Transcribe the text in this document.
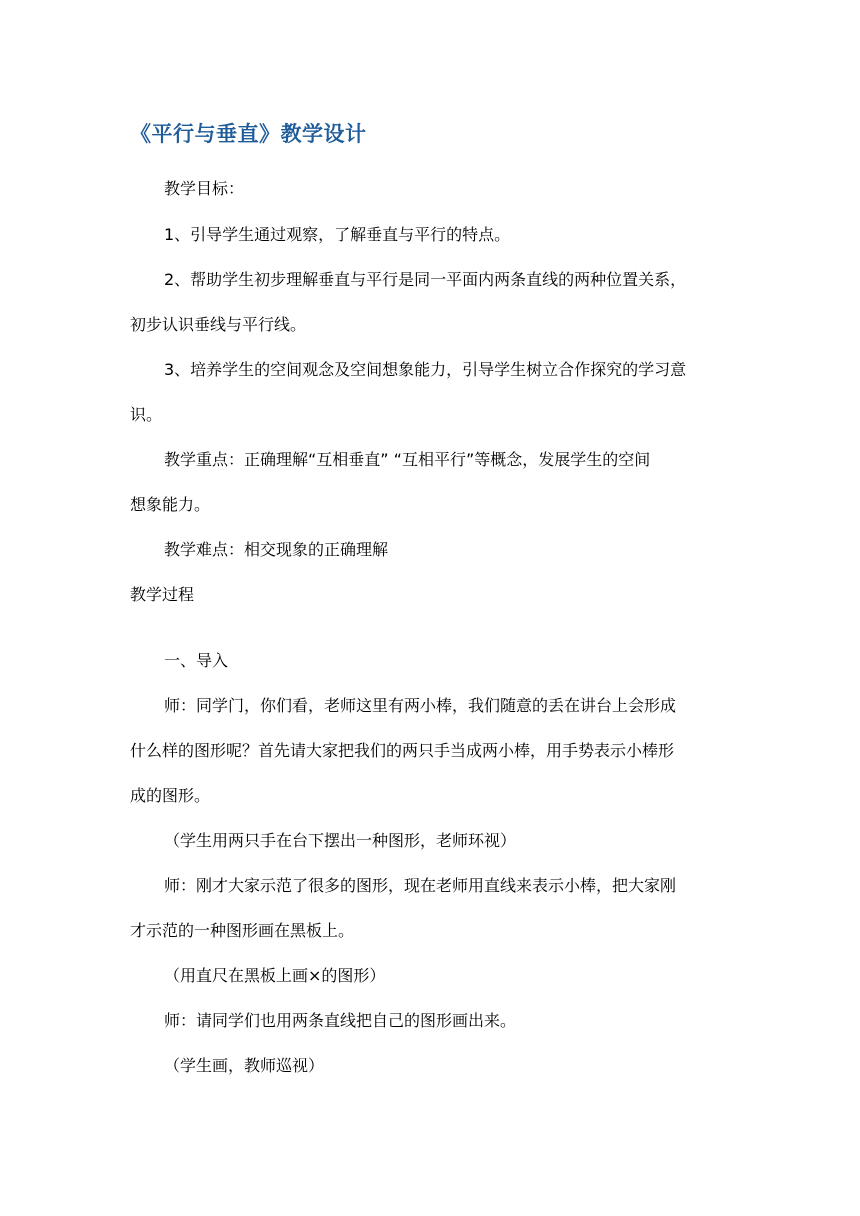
《平行与垂直》教学设计

教学目标：

1、引导学生通过观察，了解垂直与平行的特点。

2、帮助学生初步理解垂直与平行是同一平面内两条直线的两种位置关系，
初步认识垂线与平行线。

3、培养学生的空间观念及空间想象能力，引导学生树立合作探究的学习意
识。

教学重点：正确理解“互相垂直” “互相平行”等概念，发展学生的空间
想象能力。

教学难点：相交现象的正确理解

教学过程

一、导入

师：同学门，你们看，老师这里有两小棒，我们随意的丢在讲台上会形成
什么样的图形呢？首先请大家把我们的两只手当成两小棒，用手势表示小棒形
成的图形。

（学生用两只手在台下摆出一种图形，老师环视）

师：刚才大家示范了很多的图形，现在老师用直线来表示小棒，把大家刚
才示范的一种图形画在黑板上。

（用直尺在黑板上画×的图形）

师：请同学们也用两条直线把自己的图形画出来。

（学生画，教师巡视）
